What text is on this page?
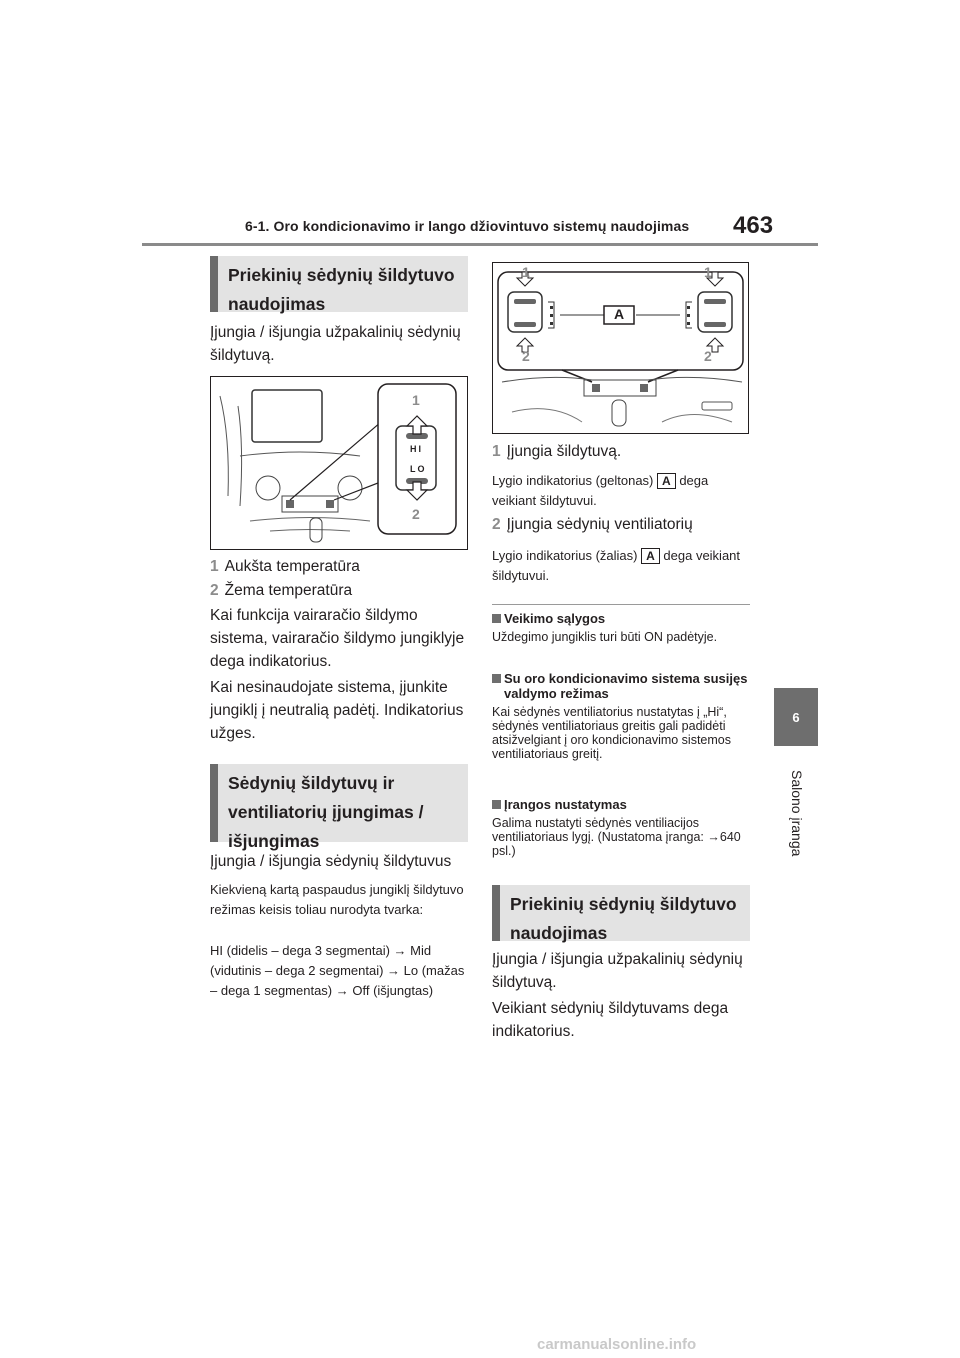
6-1. Oro kondicionavimo ir lango džiovintuvo sistemų naudojimas 463
6
Salono įranga
Priekinių sėdynių šildytuvo naudojimas
Įjungia / išjungia užpakalinių sėdynių šildytuvą.
1
2
HI
LO
1 Aukšta temperatūra
2 Žema temperatūra
Kai funkcija vairaračio šildymo sistema, vairaračio šildymo jungiklyje dega indikatorius.
Kai nesinaudojate sistema, įjunkite jungiklį į neutralią padėtį. Indikatorius užges.
Sėdynių šildytuvų ir ventiliatorių įjungimas / išjungimas
Įjungia / išjungia sėdynių šildytuvus
Kiekvieną kartą paspaudus jungiklį šildytuvo režimas keisis toliau nurodyta tvarka:
HI (didelis – dega 3 segmentai) → Mid (vidutinis – dega 2 segmentai) → Lo (mažas – dega 1 segmentas) → Off (išjungtas)
1	1
2	2
A
1 Įjungia šildytuvą.
Lygio indikatorius (geltonas) A dega veikiant šildytuvui.
2 Įjungia sėdynių ventiliatorių
Lygio indikatorius (žalias) A dega veikiant šildytuvui.
Veikimo sąlygos
Uždegimo jungiklis turi būti ON padėtyje.
Su oro kondicionavimo sistema susijęs valdymo režimas
Kai sėdynės ventiliatorius nustatytas į „Hi“, sėdynės ventiliatoriaus greitis gali padidėti atsižvelgiant į oro kondicionavimo sistemos ventiliatoriaus greitį.
Įrangos nustatymas
Galima nustatyti sėdynės ventiliacijos ventiliatoriaus lygį. (Nustatoma įranga: →640 psl.)
Priekinių sėdynių šildytuvo naudojimas
Įjungia / išjungia užpakalinių sėdynių šildytuvą.
Veikiant sėdynių šildytuvams dega indikatorius.
carmanualsonline.info
